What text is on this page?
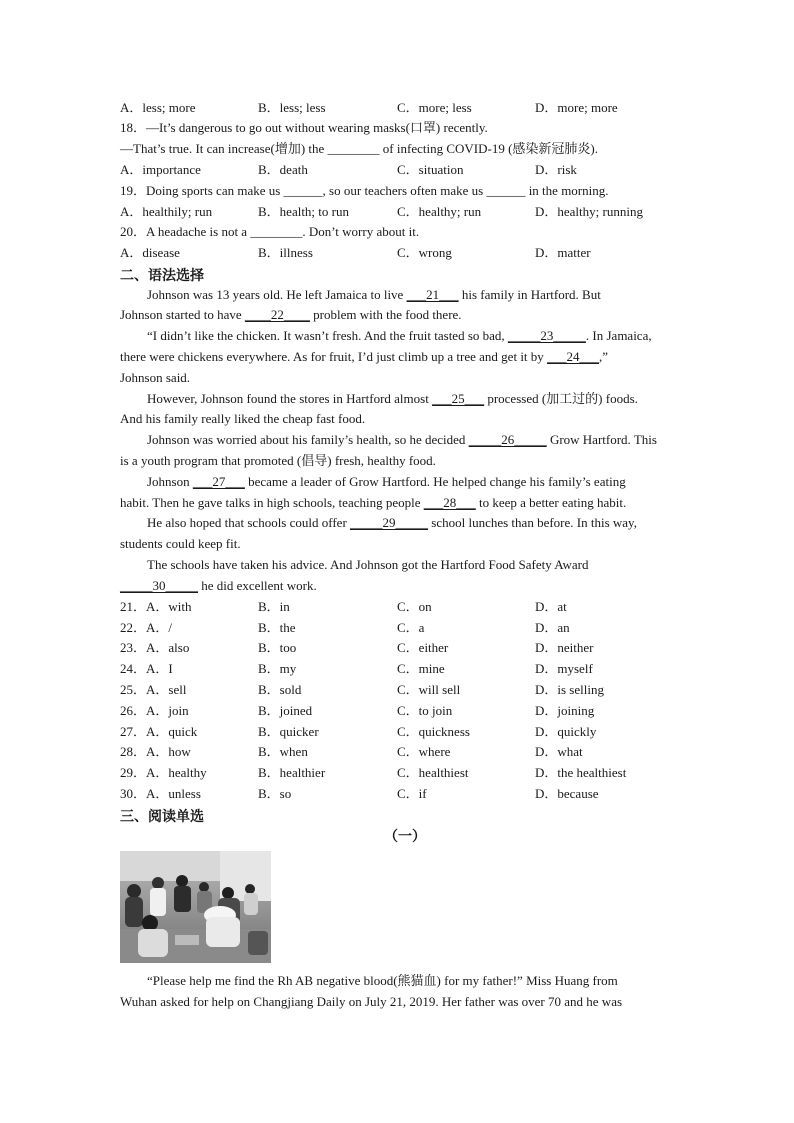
A．less; more	B．less; less	C．more; less	D．more; more
18．—It’s dangerous to go out without wearing masks(口罩) recently.
—That’s true. It can increase(增加) the ________ of infecting COVID-19 (感染新冠肺炎).
A．importance	B．death	C．situation	D．risk
19．Doing sports can make us ______, so our teachers often make us ______ in the morning.
A．healthily; run	B．health; to run	C．healthy; run	D．healthy; running
20．A headache is not a ________. Don’t worry about it.
A．disease	B．illness	C．wrong	D．matter
二、语法选择
Johnson was 13 years old. He left Jamaica to live ___21___ his family in Hartford. But
Johnson started to have ____22____ problem with the food there.
“I didn’t like the chicken. It wasn’t fresh. And the fruit tasted so bad, _____23_____. In Jamaica,
there were chickens everywhere. As for fruit, I’d just climb up a tree and get it by ___24___,”
Johnson said.
However, Johnson found the stores in Hartford almost ___25___ processed (加工过的) foods.
And his family really liked the cheap fast food.
Johnson was worried about his family’s health, so he decided _____26_____ Grow Hartford. This
is a youth program that promoted (倡导) fresh, healthy food.
Johnson ___27___ became a leader of Grow Hartford. He helped change his family’s eating
habit. Then he gave talks in high schools, teaching people ___28___ to keep a better eating habit.
He also hoped that schools could offer _____29_____ school lunches than before. In this way,
students could keep fit.
The schools have taken his advice. And Johnson got the Hartford Food Safety Award
_____30_____ he did excellent work.
21．A．with	B．in	C．on	D．at
22．A．/	B．the	C．a	D．an
23．A．also	B．too	C．either	D．neither
24．A．I	B．my	C．mine	D．myself
25．A．sell	B．sold	C．will sell	D．is selling
26．A．join	B．joined	C．to join	D．joining
27．A．quick	B．quicker	C．quickness	D．quickly
28．A．how	B．when	C．where	D．what
29．A．healthy	B．healthier	C．healthiest	D．the healthiest
30．A．unless	B．so	C．if	D．because
三、阅读单选
（一）
“Please help me find the Rh AB negative blood(熊猫血) for my father!” Miss Huang from
Wuhan asked for help on Changjiang Daily on July 21, 2019. Her father was over 70 and he was
